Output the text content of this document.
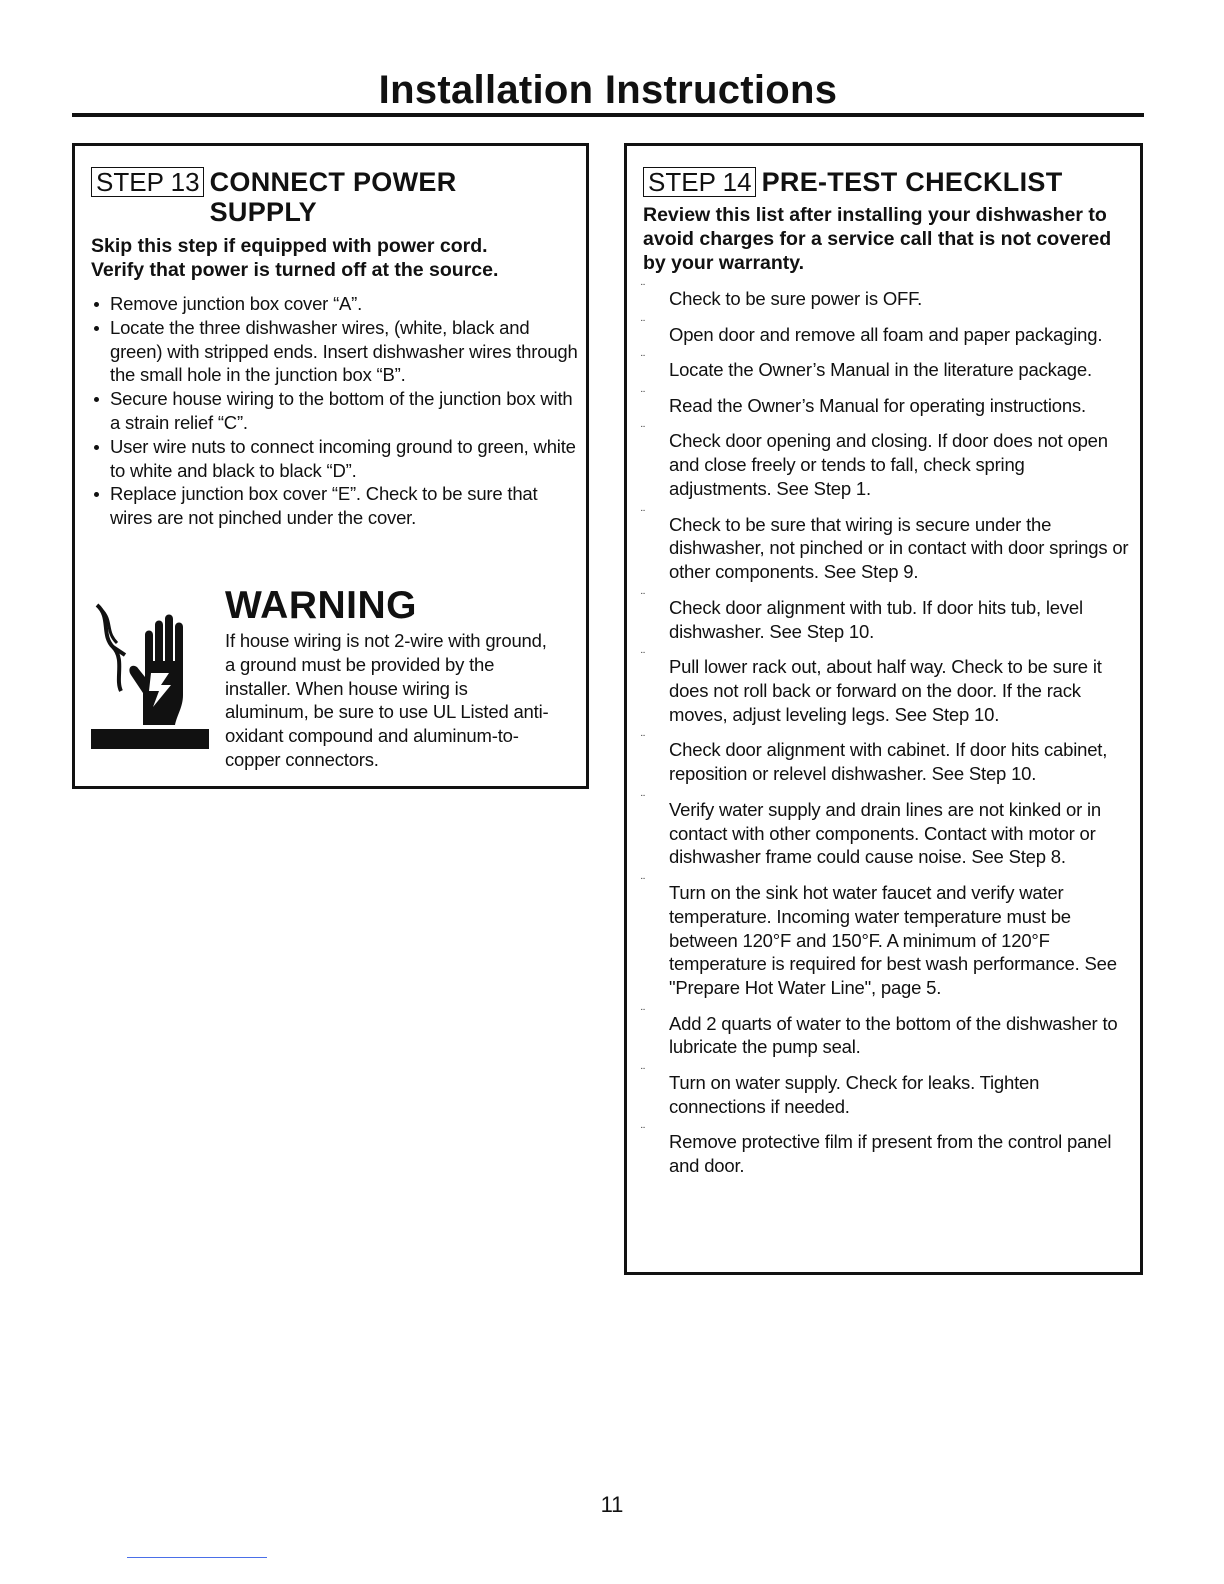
Installation Instructions
STEP 13 CONNECT POWER
SUPPLY
Skip this step if equipped with power cord.
Verify that power is turned off at the source.
Remove junction box cover “A”.
Locate the three dishwasher wires, (white, black and green) with stripped ends. Insert dishwasher wires through the small hole in the junction box “B”.
Secure house wiring to the bottom of the junction box with a strain relief “C”.
User wire nuts to connect incoming ground to green, white to white and black to black “D”.
Replace junction box cover “E”. Check to be sure that wires are not pinched under the cover.
WARNING
If house wiring is not 2-wire with ground, a ground must be provided by the installer. When house wiring is aluminum, be sure to use UL Listed anti-oxidant compound and aluminum-to-copper connectors.
STEP 14 PRE-TEST CHECKLIST
Review this list after installing your dishwasher to avoid charges for a service call that is not covered by your warranty.
¨	Check to be sure power is OFF.
¨	Open door and remove all foam and paper packaging.
¨	Locate the Owner’s Manual in the literature package.
¨	Read the Owner’s Manual for operating instructions.
¨	Check door opening and closing. If door does not open and close freely or tends to fall, check spring adjustments. See Step 1.
¨	Check to be sure that wiring is secure under the dishwasher, not pinched or in contact with door springs or other components. See Step 9.
¨	Check door alignment with tub. If door hits tub, level dishwasher. See Step 10.
¨	Pull lower rack out, about half way. Check to be sure it does not roll back or forward on the door. If the rack moves, adjust leveling legs. See Step 10.
¨	Check door alignment with cabinet. If door hits cabinet, reposition or relevel dishwasher. See Step 10.
¨	Verify water supply and drain lines are not kinked or in contact with other components. Contact with motor or dishwasher frame could cause noise. See Step 8.
¨	Turn on the sink hot water faucet and verify water temperature. Incoming water temperature must be between 120°F and 150°F. A minimum of 120°F temperature is required for best wash performance. See "Prepare Hot Water Line", page 5.
¨	Add 2 quarts of water to the bottom of the dishwasher to lubricate the pump seal.
¨	Turn on water supply. Check for leaks. Tighten connections if needed.
¨	Remove protective film if present from the control panel and door.
11
